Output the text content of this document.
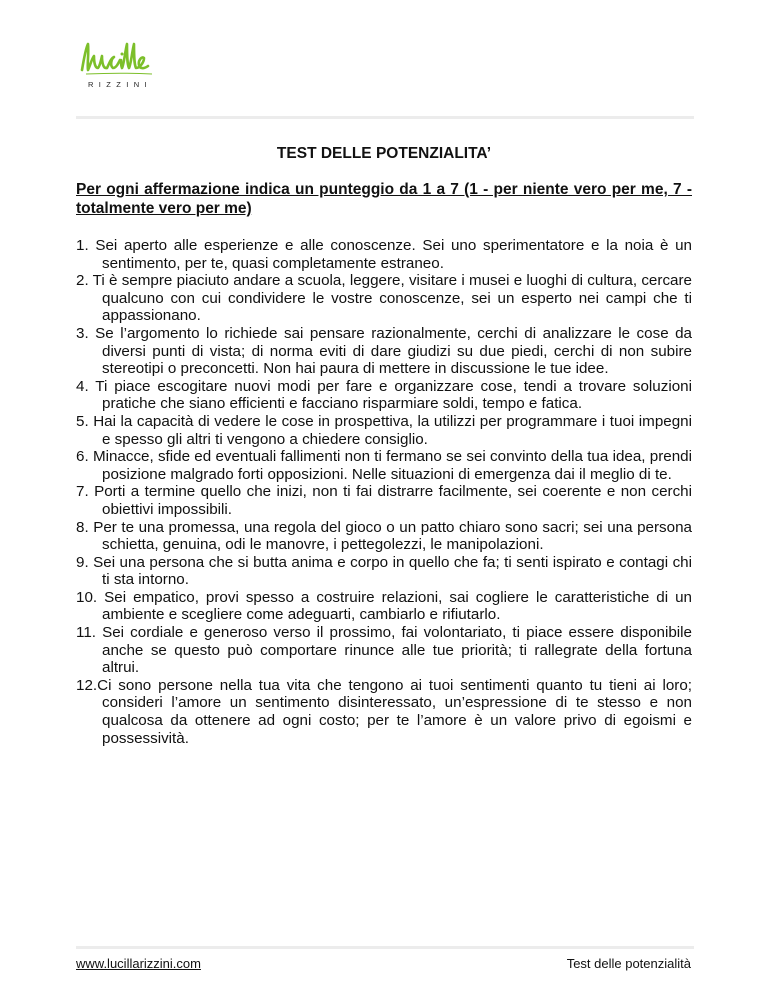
RIZZINI
TEST DELLE POTENZIALITA’
Per ogni affermazione indica un punteggio da 1 a 7 (1 - per niente vero per me, 7 - totalmente vero per me)
1. Sei aperto alle esperienze e alle conoscenze. Sei uno sperimentatore e la noia è un sentimento, per te, quasi completamente estraneo.
2. Ti è sempre piaciuto andare a scuola, leggere, visitare i musei e luoghi di cultura, cercare qualcuno con cui condividere le vostre conoscenze, sei un esperto nei campi che ti appassionano.
3. Se l’argomento lo richiede sai pensare razionalmente, cerchi di analizzare le cose da diversi punti di vista; di norma eviti di dare giudizi su due piedi, cerchi di non subire stereotipi o preconcetti. Non hai paura di mettere in discussione le tue idee.
4. Ti piace escogitare nuovi modi per fare e organizzare cose, tendi a trovare soluzioni pratiche che siano efficienti e facciano risparmiare soldi, tempo e fatica.
5. Hai la capacità di vedere le cose in prospettiva, la utilizzi per programmare i tuoi impegni e spesso gli altri ti vengono a chiedere consiglio.
6. Minacce, sfide ed eventuali fallimenti non ti fermano se sei convinto della tua idea, prendi posizione malgrado forti opposizioni. Nelle situazioni di emergenza dai il meglio di te.
7. Porti a termine quello che inizi, non ti fai distrarre facilmente, sei coerente e non cerchi obiettivi impossibili.
8. Per te una promessa, una regola del gioco o un patto chiaro sono sacri; sei una persona schietta, genuina, odi le manovre, i pettegolezzi, le manipolazioni.
9. Sei una persona che si butta anima e corpo in quello che fa; ti senti ispirato e contagi chi ti sta intorno.
10. Sei empatico, provi spesso a costruire relazioni, sai cogliere le caratteristiche di un ambiente e scegliere come adeguarti, cambiarlo e rifiutarlo.
11. Sei cordiale e generoso verso il prossimo, fai volontariato, ti piace essere disponibile anche se questo può comportare rinunce alle tue priorità; ti rallegrate della fortuna altrui.
12.Ci sono persone nella tua vita che tengono ai tuoi sentimenti quanto tu tieni ai loro; consideri l’amore un sentimento disinteressato, un’espressione di te stesso e non qualcosa da ottenere ad ogni costo; per te l’amore è un valore privo di egoismi e possessività.
www.lucillarizzini.com	Test delle potenzialità
